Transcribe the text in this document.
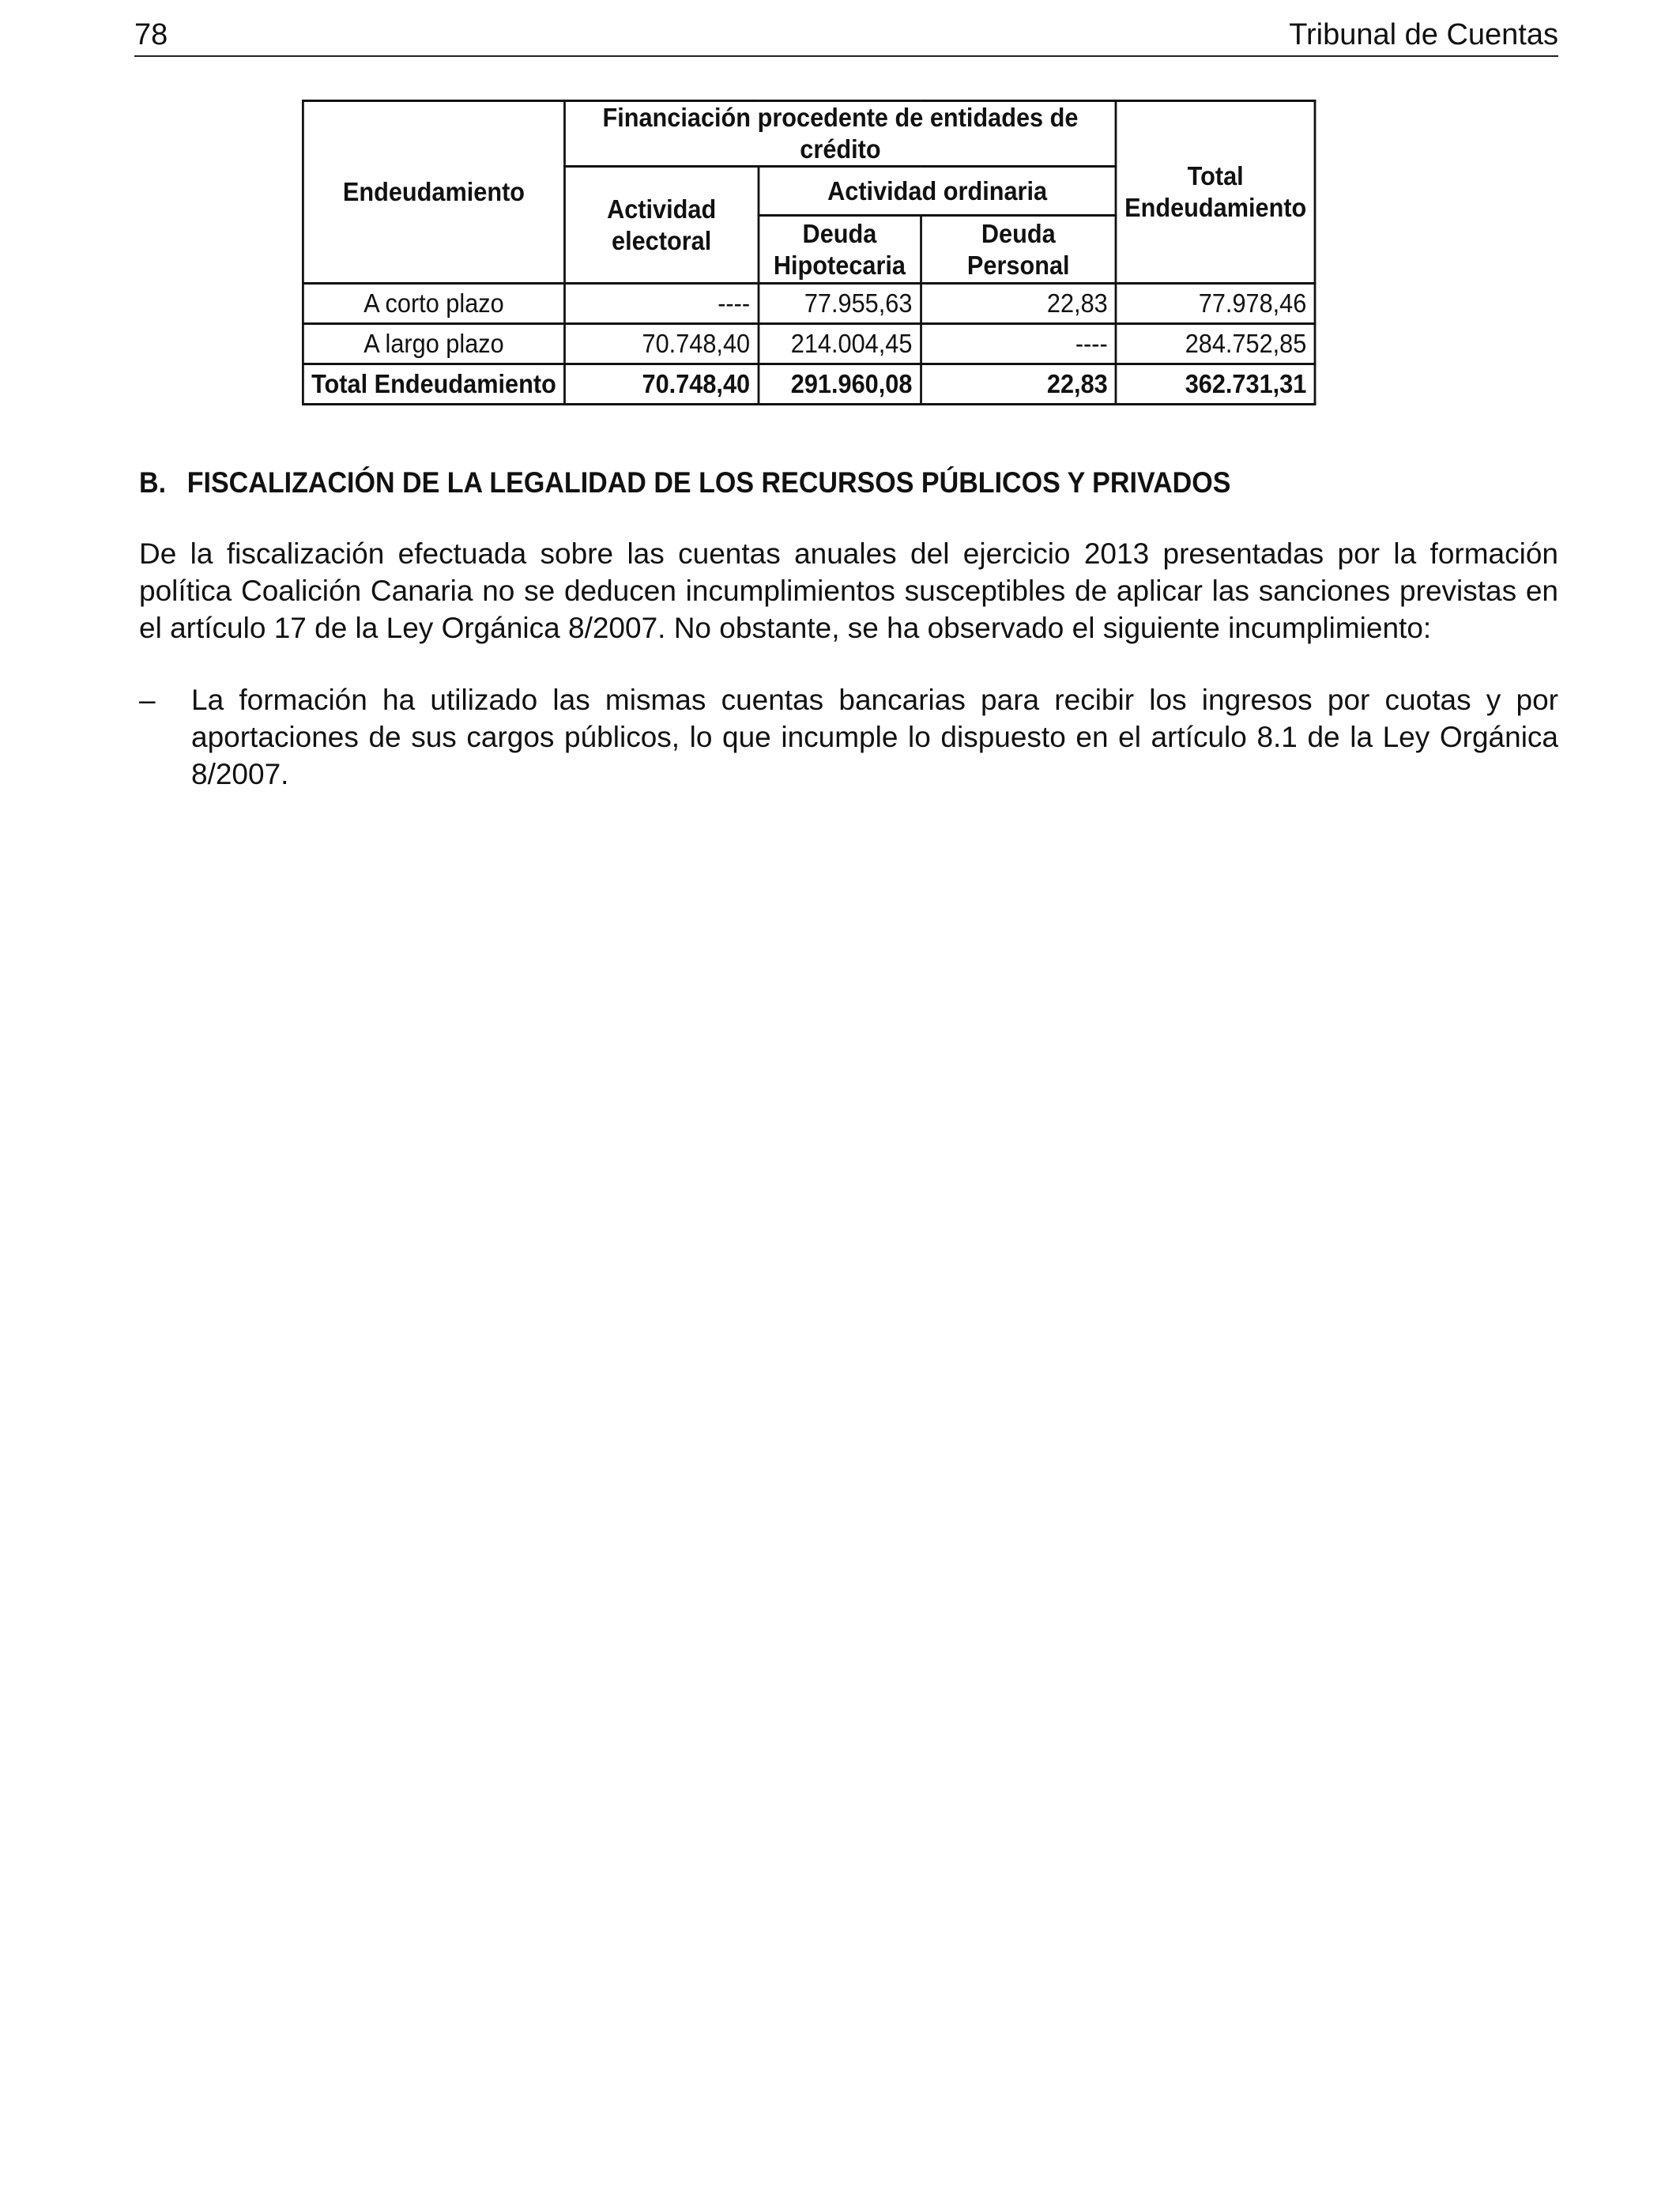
78	Tribunal de Cuentas
Endeudamiento	Financiación procedente de entidades de crédito			Total Endeudamiento
	Actividad electoral	Actividad ordinaria		
		Deuda Hipotecaria	Deuda Personal	
A corto plazo	----	77.955,63	22,83	77.978,46
A largo plazo	70.748,40	214.004,45	----	284.752,85
Total Endeudamiento	70.748,40	291.960,08	22,83	362.731,31
B. FISCALIZACIÓN DE LA LEGALIDAD DE LOS RECURSOS PÚBLICOS Y PRIVADOS

De la fiscalización efectuada sobre las cuentas anuales del ejercicio 2013 presentadas por la formación política Coalición Canaria no se deducen incumplimientos susceptibles de aplicar las sanciones previstas en el artículo 17 de la Ley Orgánica 8/2007. No obstante, se ha observado el siguiente incumplimiento:

–	La formación ha utilizado las mismas cuentas bancarias para recibir los ingresos por cuotas y por aportaciones de sus cargos públicos, lo que incumple lo dispuesto en el artículo 8.1 de la Ley Orgánica 8/2007.
